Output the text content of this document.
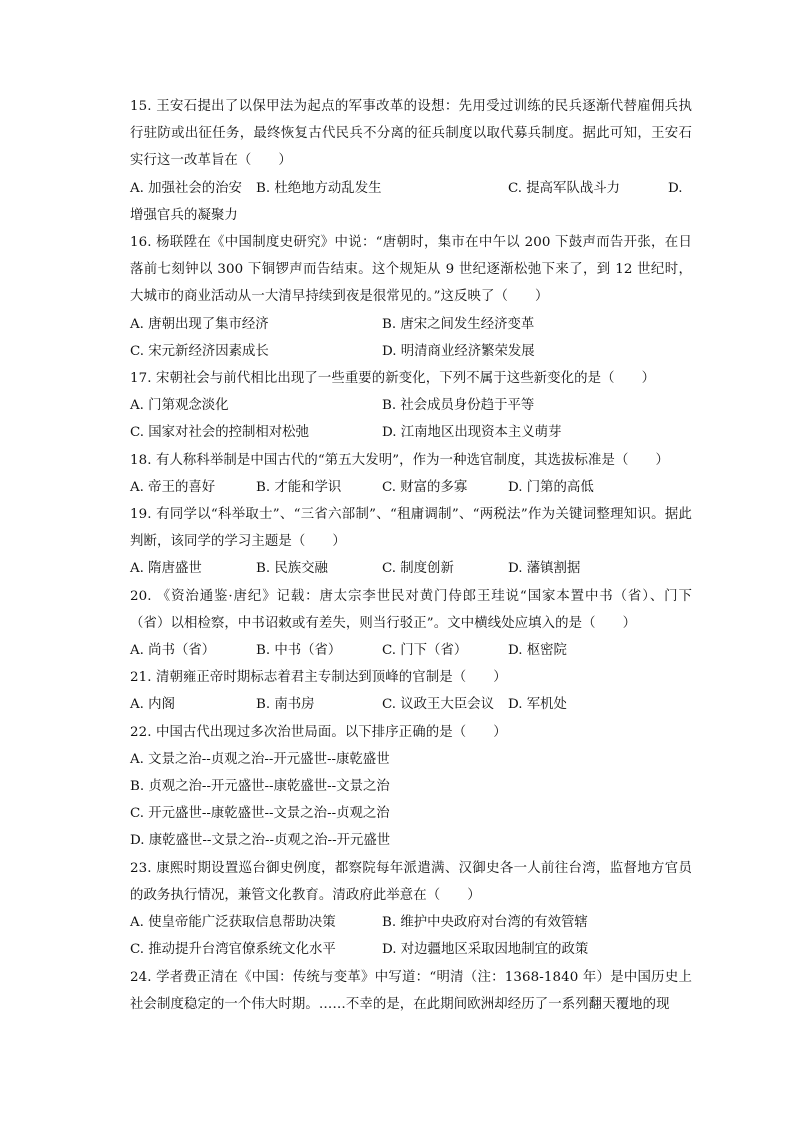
15. 王安石提出了以保甲法为起点的军事改革的设想：先用受过训练的民兵逐渐代替雇佣兵执行驻防或出征任务，最终恢复古代民兵不分离的征兵制度以取代募兵制度。据此可知，王安石实行这一改革旨在（　　）
A. 加强社会的治安	B. 杜绝地方动乱发生	C. 提高军队战斗力	D.
增强官兵的凝聚力
16. 杨联陞在《中国制度史研究》中说：“唐朝时，集市在中午以 200 下鼓声而告开张，在日落前七刻钟以 300 下铜锣声而告结束。这个规矩从 9 世纪逐渐松弛下来了，到 12 世纪时，大城市的商业活动从一大清早持续到夜是很常见的。”这反映了（　　）
A. 唐朝出现了集市经济	B. 唐宋之间发生经济变革
C. 宋元新经济因素成长	D. 明清商业经济繁荣发展
17. 宋朝社会与前代相比出现了一些重要的新变化，下列不属于这些新变化的是（　　）
A. 门第观念淡化	B. 社会成员身份趋于平等
C. 国家对社会的控制相对松弛	D. 江南地区出现资本主义萌芽
18. 有人称科举制是中国古代的“第五大发明”，作为一种选官制度，其选拔标准是（　　）
A. 帝王的喜好	B. 才能和学识	C. 财富的多寡	D. 门第的高低
19. 有同学以“科举取士”、“三省六部制”、“租庸调制”、“两税法”作为关键词整理知识。据此判断，该同学的学习主题是（　　）
A. 隋唐盛世	B. 民族交融	C. 制度创新	D. 藩镇割据
20. 《资治通鉴·唐纪》记载：唐太宗李世民对黄门侍郎王珪说“国家本置中书（省）、门下（省）以相检察，中书诏敕或有差失，则当行驳正”。文中横线处应填入的是（　　）
A. 尚书（省）	B. 中书（省）	C. 门下（省）	D. 枢密院
21. 清朝雍正帝时期标志着君主专制达到顶峰的官制是（　　）
A. 内阁	B. 南书房	C. 议政王大臣会议	D. 军机处
22. 中国古代出现过多次治世局面。以下排序正确的是（　　）
A. 文景之治--贞观之治--开元盛世--康乾盛世
B. 贞观之治--开元盛世--康乾盛世--文景之治
C. 开元盛世--康乾盛世--文景之治--贞观之治
D. 康乾盛世--文景之治--贞观之治--开元盛世
23. 康熙时期设置巡台御史例度，都察院每年派遣满、汉御史各一人前往台湾，监督地方官员的政务执行情况，兼管文化教育。清政府此举意在（　　）
A. 使皇帝能广泛获取信息帮助决策	B. 维护中央政府对台湾的有效管辖
C. 推动提升台湾官僚系统文化水平	D. 对边疆地区采取因地制宜的政策
24. 学者费正清在《中国：传统与变革》中写道：“明清（注：1368-1840 年）是中国历史上社会制度稳定的一个伟大时期。……不幸的是，在此期间欧洲却经历了一系列翻天覆地的现
